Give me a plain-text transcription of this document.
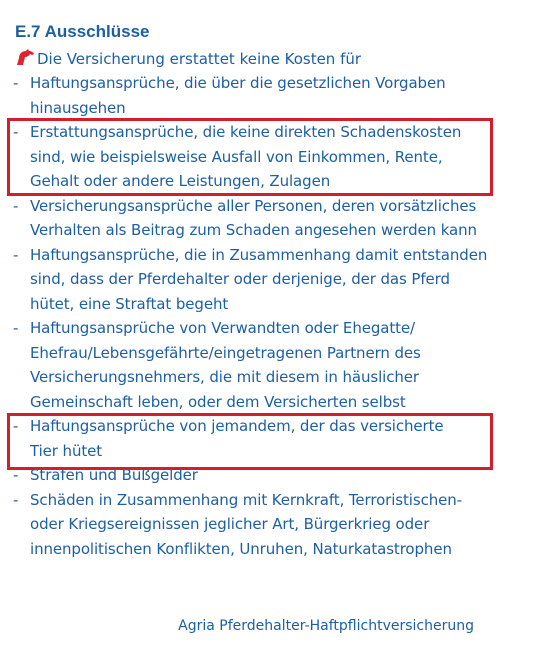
E.7 Ausschlüsse
Die Versicherung erstattet keine Kosten für
- Haftungsansprüche, die über die gesetzlichen Vorgaben
hinausgehen
- Erstattungsansprüche, die keine direkten Schadenskosten
sind, wie beispielsweise Ausfall von Einkommen, Rente,
Gehalt oder andere Leistungen, Zulagen
- Versicherungsansprüche aller Personen, deren vorsätzliches
Verhalten als Beitrag zum Schaden angesehen werden kann
- Haftungsansprüche, die in Zusammenhang damit entstanden
sind, dass der Pferdehalter oder derjenige, der das Pferd
hütet, eine Straftat begeht
- Haftungsansprüche von Verwandten oder Ehegatte/
Ehefrau/Lebensgefährte/eingetragenen Partnern des
Versicherungsnehmers, die mit diesem in häuslicher
Gemeinschaft leben, oder dem Versicherten selbst
- Haftungsansprüche von jemandem, der das versicherte
Tier hütet
- Strafen und Bußgelder
- Schäden in Zusammenhang mit Kernkraft, Terroristischen-
oder Kriegsereignissen jeglicher Art, Bürgerkrieg oder
innenpolitischen Konflikten, Unruhen, Naturkatastrophen
Agria Pferdehalter-Haftpflichtversicherung
